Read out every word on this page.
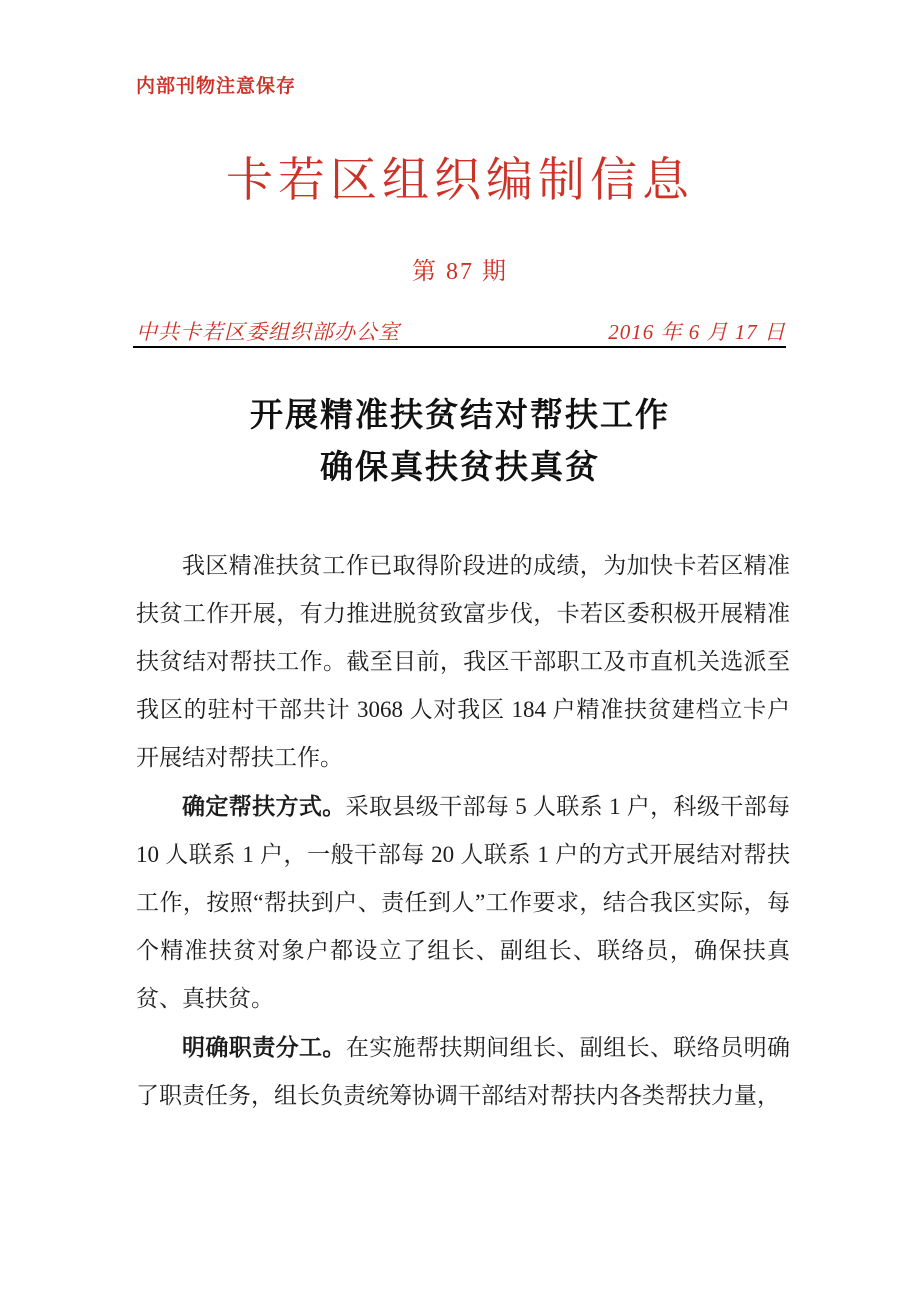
内部刊物注意保存
卡若区组织编制信息
第 87 期
中共卡若区委组织部办公室	2016 年 6 月 17 日
开展精准扶贫结对帮扶工作
确保真扶贫扶真贫

我区精准扶贫工作已取得阶段进的成绩，为加快卡若区精准扶贫工作开展，有力推进脱贫致富步伐，卡若区委积极开展精准扶贫结对帮扶工作。截至目前，我区干部职工及市直机关选派至我区的驻村干部共计 3068 人对我区 184 户精准扶贫建档立卡户开展结对帮扶工作。

确定帮扶方式。采取县级干部每 5 人联系 1 户，科级干部每 10 人联系 1 户，一般干部每 20 人联系 1 户的方式开展结对帮扶工作，按照“帮扶到户、责任到人”工作要求，结合我区实际，每个精准扶贫对象户都设立了组长、副组长、联络员，确保扶真贫、真扶贫。

明确职责分工。在实施帮扶期间组长、副组长、联络员明确了职责任务，组长负责统筹协调干部结对帮扶内各类帮扶力量，
